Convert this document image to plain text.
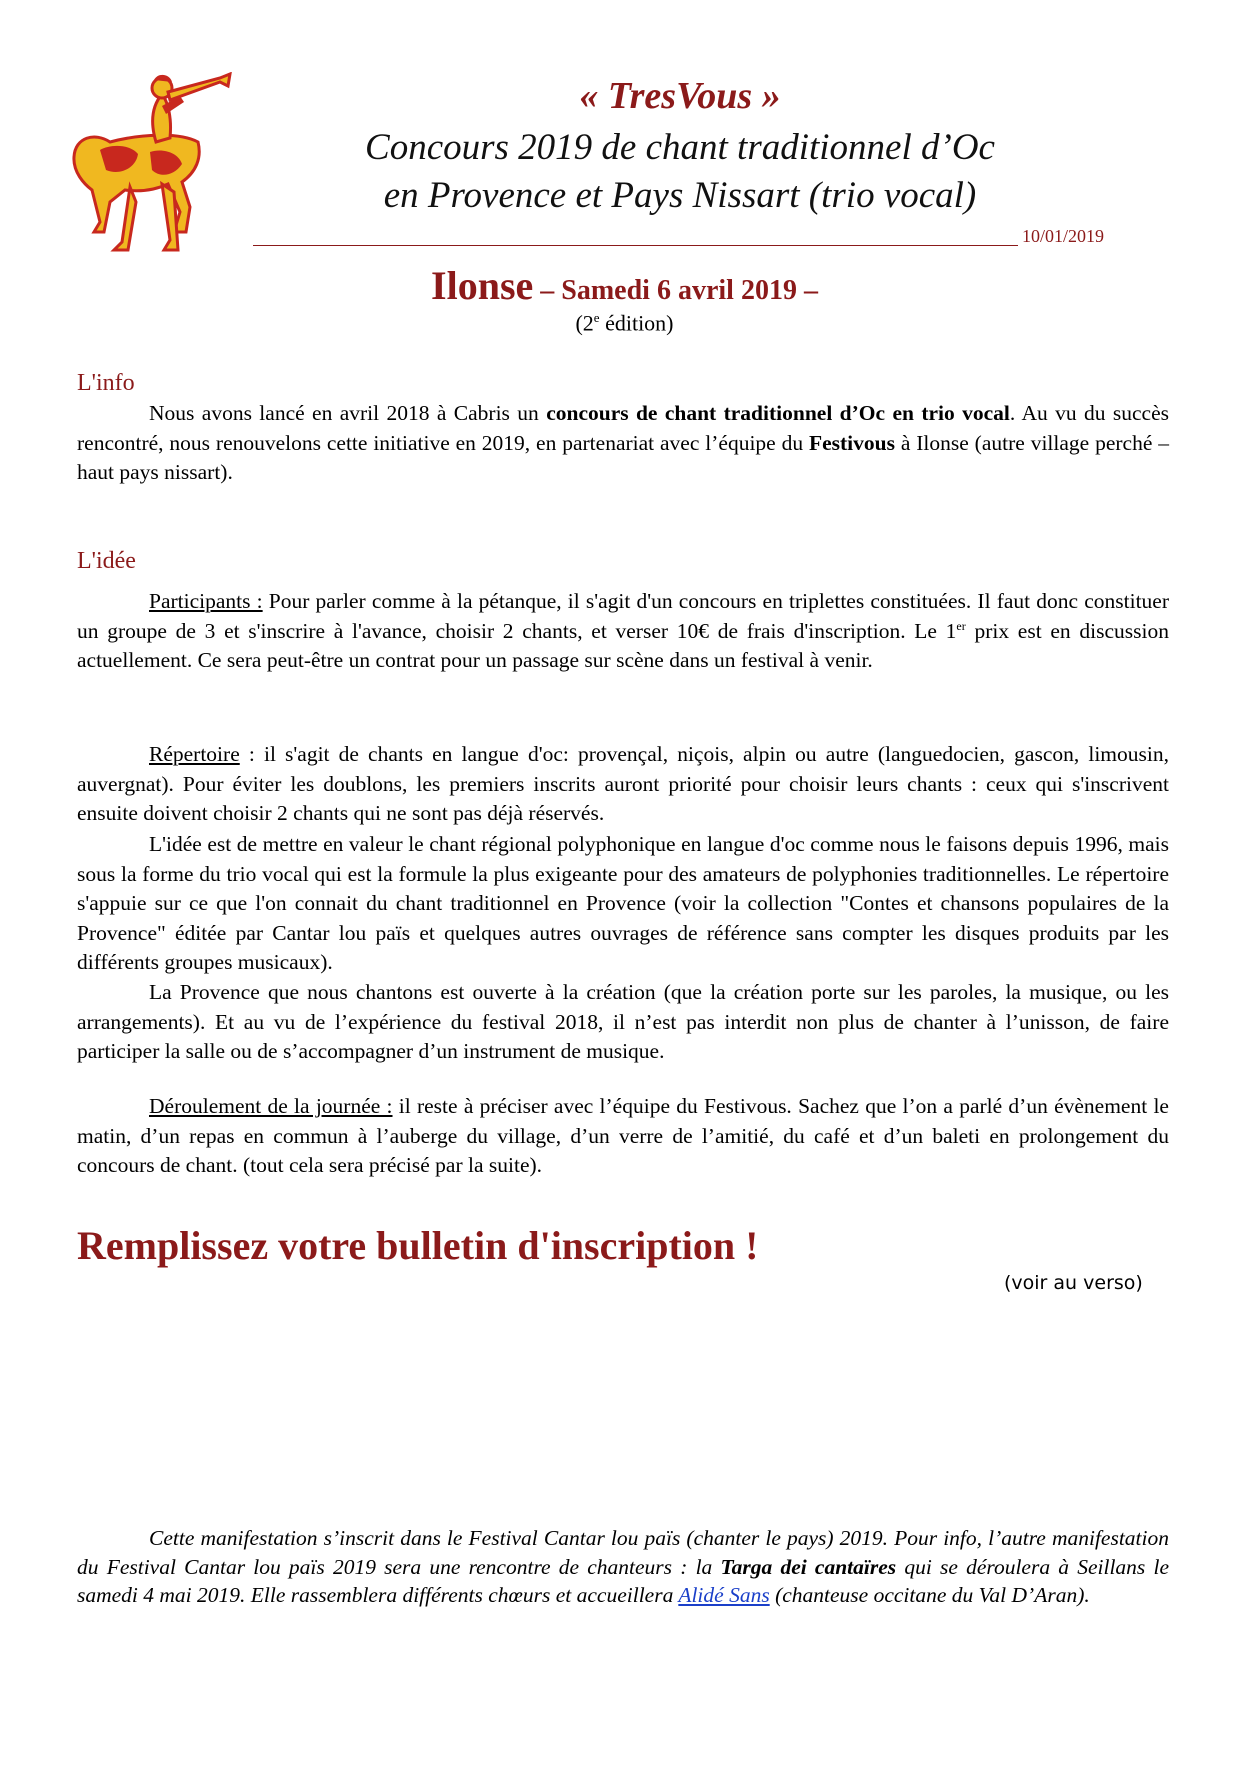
« TresVous »
Concours 2019 de chant traditionnel d’Oc
en Provence et Pays Nissart (trio vocal)
10/01/2019
Ilonse – Samedi 6 avril 2019 –
(2e édition)
L'info

Nous avons lancé en avril 2018 à Cabris un concours de chant traditionnel d’Oc en trio vocal. Au vu du succès rencontré, nous renouvelons cette initiative en 2019, en partenariat avec l’équipe du Festivous à Ilonse (autre village perché – haut pays nissart).

L'idée

Participants : Pour parler comme à la pétanque, il s'agit d'un concours en triplettes constituées. Il faut donc constituer un groupe de 3 et s'inscrire à l'avance, choisir 2 chants, et verser 10€ de frais d'inscription. Le 1er prix est en discussion actuellement. Ce sera peut-être un contrat pour un passage sur scène dans un festival à venir.

Répertoire : il s'agit de chants en langue d'oc: provençal, niçois, alpin ou autre (languedocien, gascon, limousin, auvergnat). Pour éviter les doublons, les premiers inscrits auront priorité pour choisir leurs chants : ceux qui s'inscrivent ensuite doivent choisir 2 chants qui ne sont pas déjà réservés.

L'idée est de mettre en valeur le chant régional polyphonique en langue d'oc comme nous le faisons depuis 1996, mais sous la forme du trio vocal qui est la formule la plus exigeante pour des amateurs de polyphonies traditionnelles. Le répertoire s'appuie sur ce que l'on connait du chant traditionnel en Provence (voir la collection "Contes et chansons populaires de la Provence" éditée par Cantar lou païs et quelques autres ouvrages de référence sans compter les disques produits par les différents groupes musicaux).

La Provence que nous chantons est ouverte à la création (que la création porte sur les paroles, la musique, ou les arrangements). Et au vu de l’expérience du festival 2018, il n’est pas interdit non plus de chanter à l’unisson, de faire participer la salle ou de s’accompagner d’un instrument de musique.

Déroulement de la journée : il reste à préciser avec l’équipe du Festivous. Sachez que l’on a parlé d’un évènement le matin, d’un repas en commun à l’auberge du village, d’un verre de l’amitié, du café et d’un baleti en prolongement du concours de chant. (tout cela sera précisé par la suite).

Remplissez votre bulletin d'inscription !
(voir au verso)

Cette manifestation s’inscrit dans le Festival Cantar lou païs (chanter le pays) 2019. Pour info, l’autre manifestation du Festival Cantar lou païs 2019 sera une rencontre de chanteurs : la Targa dei cantaïres qui se déroulera à Seillans le samedi 4 mai 2019. Elle rassemblera différents chœurs et accueillera Alidé Sans (chanteuse occitane du Val D’Aran).
